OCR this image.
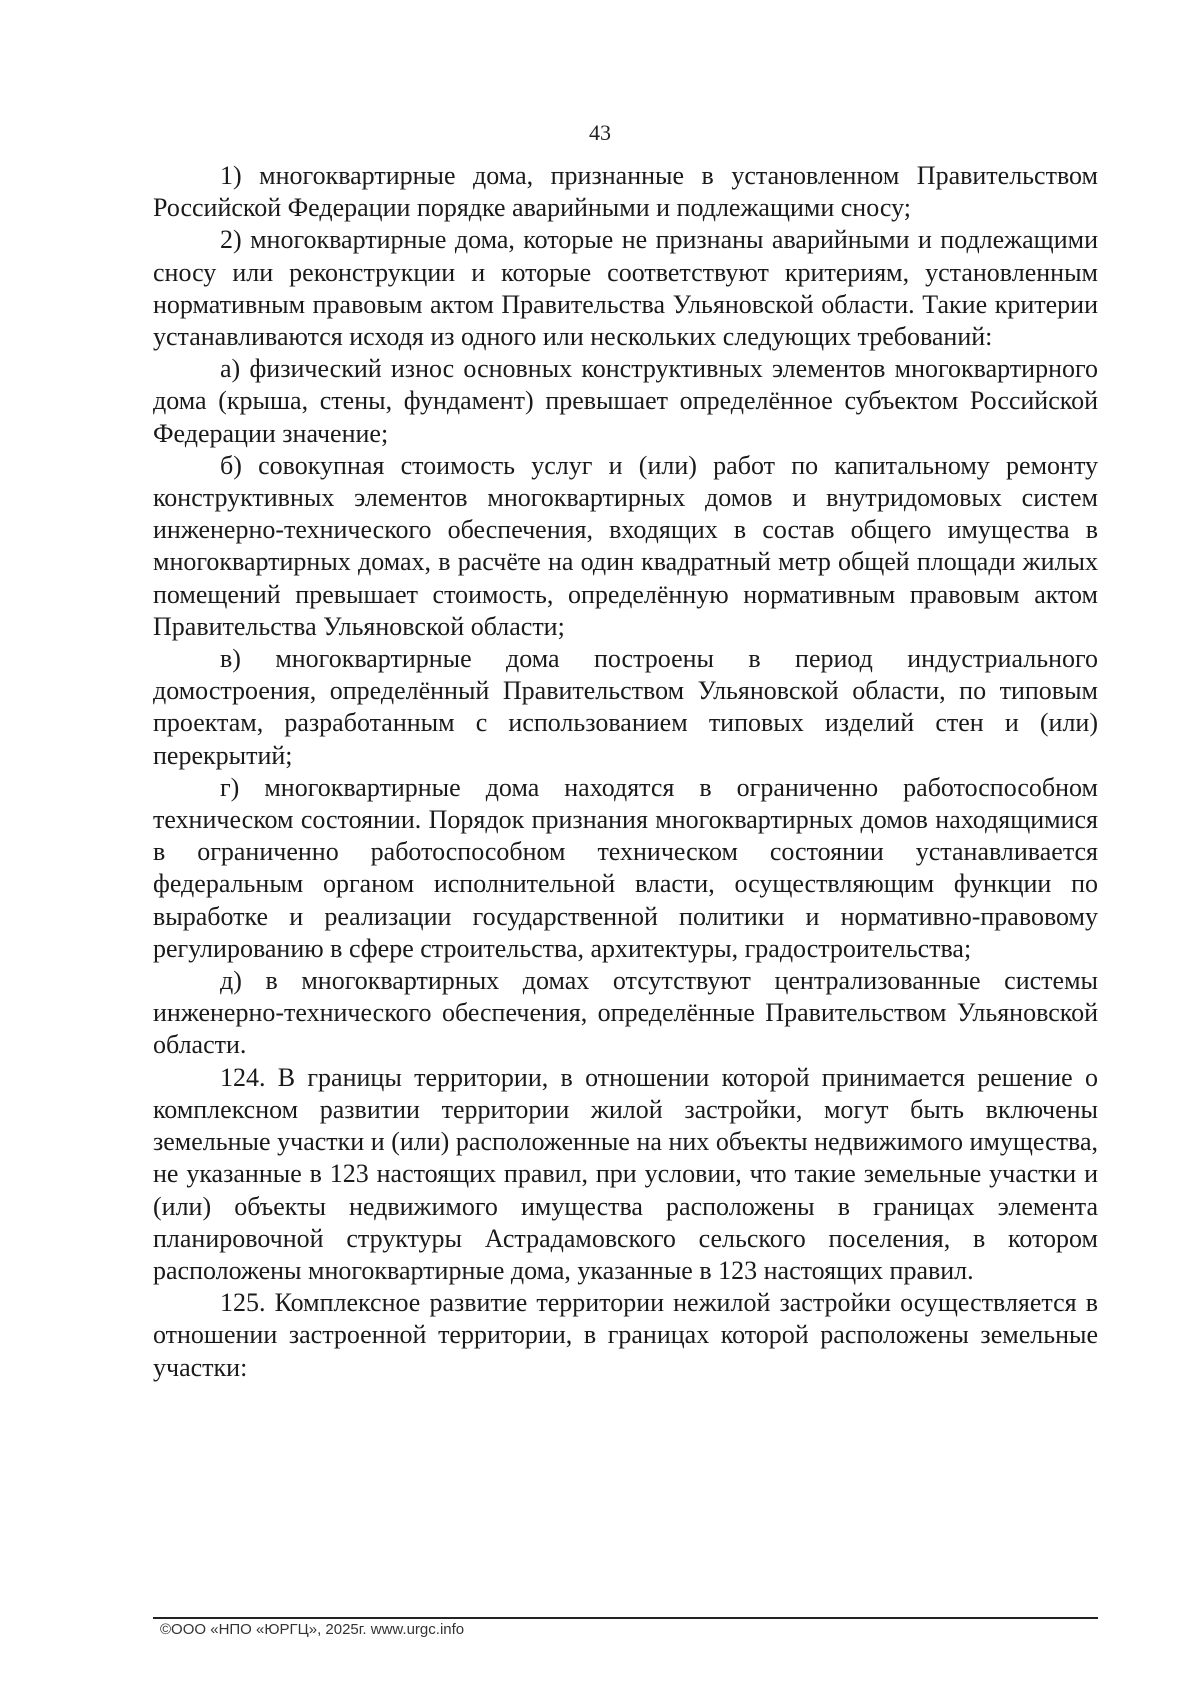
43

1) многоквартирные дома, признанные в установленном Правительством Российской Федерации порядке аварийными и подлежащими сносу;

2) многоквартирные дома, которые не признаны аварийными и подлежащими сносу или реконструкции и которые соответствуют критериям, установленным нормативным правовым актом Правительства Ульяновской области. Такие критерии устанавливаются исходя из одного или нескольких следующих требований:

а) физический износ основных конструктивных элементов многоквартирного дома (крыша, стены, фундамент) превышает определённое субъектом Российской Федерации значение;

б) совокупная стоимость услуг и (или) работ по капитальному ремонту конструктивных элементов многоквартирных домов и внутридомовых систем инженерно-технического обеспечения, входящих в состав общего имущества в многоквартирных домах, в расчёте на один квадратный метр общей площади жилых помещений превышает стоимость, определённую нормативным правовым актом Правительства Ульяновской области;

в) многоквартирные дома построены в период индустриального домостроения, определённый Правительством Ульяновской области, по типовым проектам, разработанным с использованием типовых изделий стен и (или) перекрытий;

г) многоквартирные дома находятся в ограниченно работоспособном техническом состоянии. Порядок признания многоквартирных домов находящимися в ограниченно работоспособном техническом состоянии устанавливается федеральным органом исполнительной власти, осуществляющим функции по выработке и реализации государственной политики и нормативно-правовому регулированию в сфере строительства, архитектуры, градостроительства;

д) в многоквартирных домах отсутствуют централизованные системы инженерно-технического обеспечения, определённые Правительством Ульяновской области.

124. В границы территории, в отношении которой принимается решение о комплексном развитии территории жилой застройки, могут быть включены земельные участки и (или) расположенные на них объекты недвижимого имущества, не указанные в 123 настоящих правил, при условии, что такие земельные участки и (или) объекты недвижимого имущества расположены в границах элемента планировочной структуры Астрадамовского сельского поселения, в котором расположены многоквартирные дома, указанные в 123 настоящих правил.

125. Комплексное развитие территории нежилой застройки осуществляется в отношении застроенной территории, в границах которой расположены земельные участки:

©ООО «НПО «ЮРГЦ», 2025г. www.urgc.info
